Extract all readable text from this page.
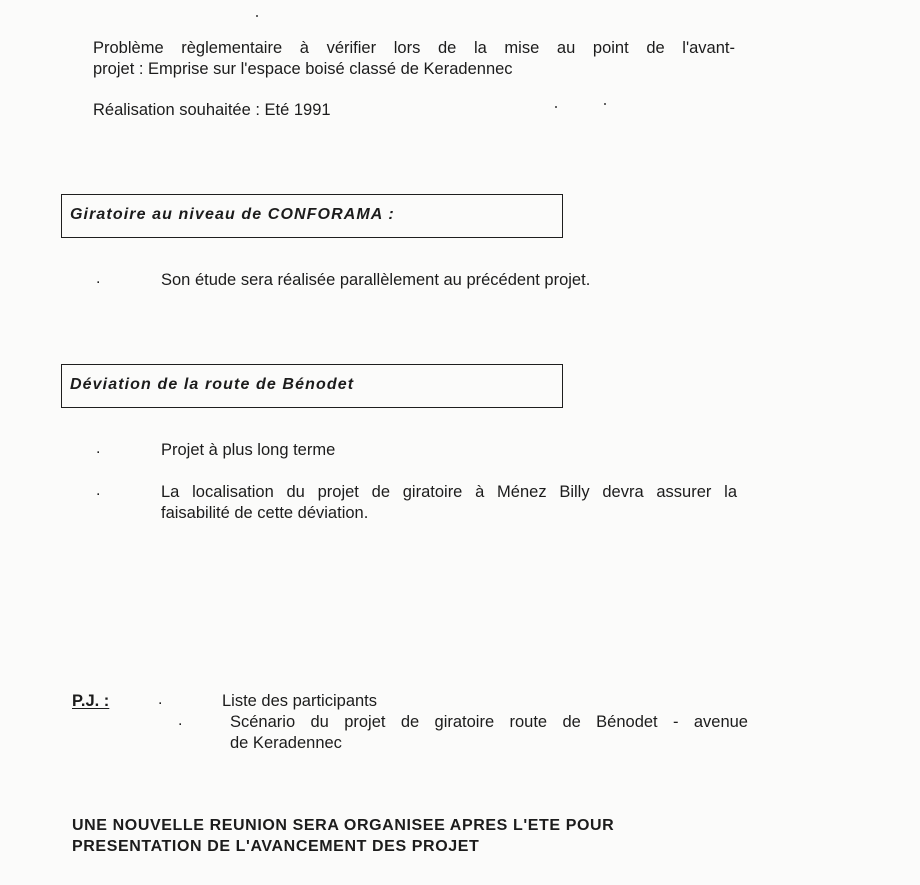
Problème règlementaire à vérifier lors de la mise au point de l'avant-
projet : Emprise sur l'espace boisé classé de Keradennec
Réalisation souhaitée : Eté 1991
Giratoire au niveau de CONFORAMA :
.	Son étude sera réalisée parallèlement au précédent projet.
Déviation de la route de Bénodet
.	Projet à plus long terme
.	La localisation du projet de giratoire à Ménez Billy devra assurer la
faisabilité de cette déviation.
P.J. :	.	Liste des participants
.	Scénario du projet de giratoire route de Bénodet - avenue
de Keradennec
UNE NOUVELLE REUNION SERA ORGANISEE APRES L'ETE POUR
PRESENTATION DE L'AVANCEMENT DES PROJET
